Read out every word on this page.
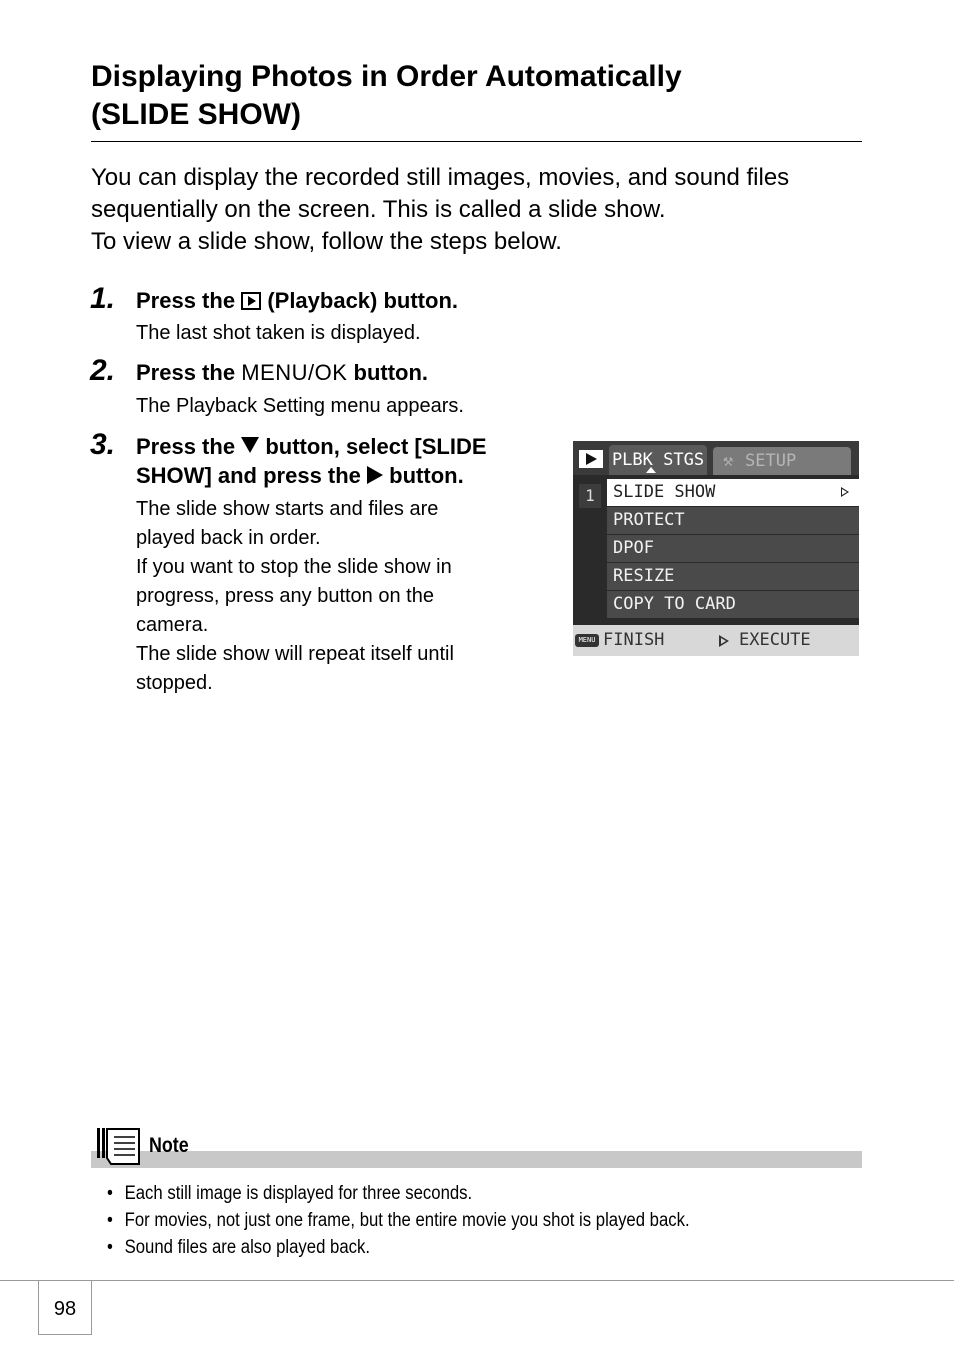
Displaying Photos in Order Automatically
(SLIDE SHOW)
You can display the recorded still images, movies, and sound files
sequentially on the screen. This is called a slide show.
To view a slide show, follow the steps below.
1. Press the (Playback) button.
The last shot taken is displayed.
2. Press the MENU/OK button.
The Playback Setting menu appears.
3. Press the button, select [SLIDE
SHOW] and press the button.
The slide show starts and files are
played back in order.
If you want to stop the slide show in
progress, press any button on the
camera.
The slide show will repeat itself until
stopped.
PLBK STGS	⚒ SETUP
1	SLIDE SHOW
PROTECT
DPOF
RESIZE
COPY TO CARD
MENU FINISH	EXECUTE
Note
• Each still image is displayed for three seconds.
• For movies, not just one frame, but the entire movie you shot is played back.
• Sound files are also played back.
98
